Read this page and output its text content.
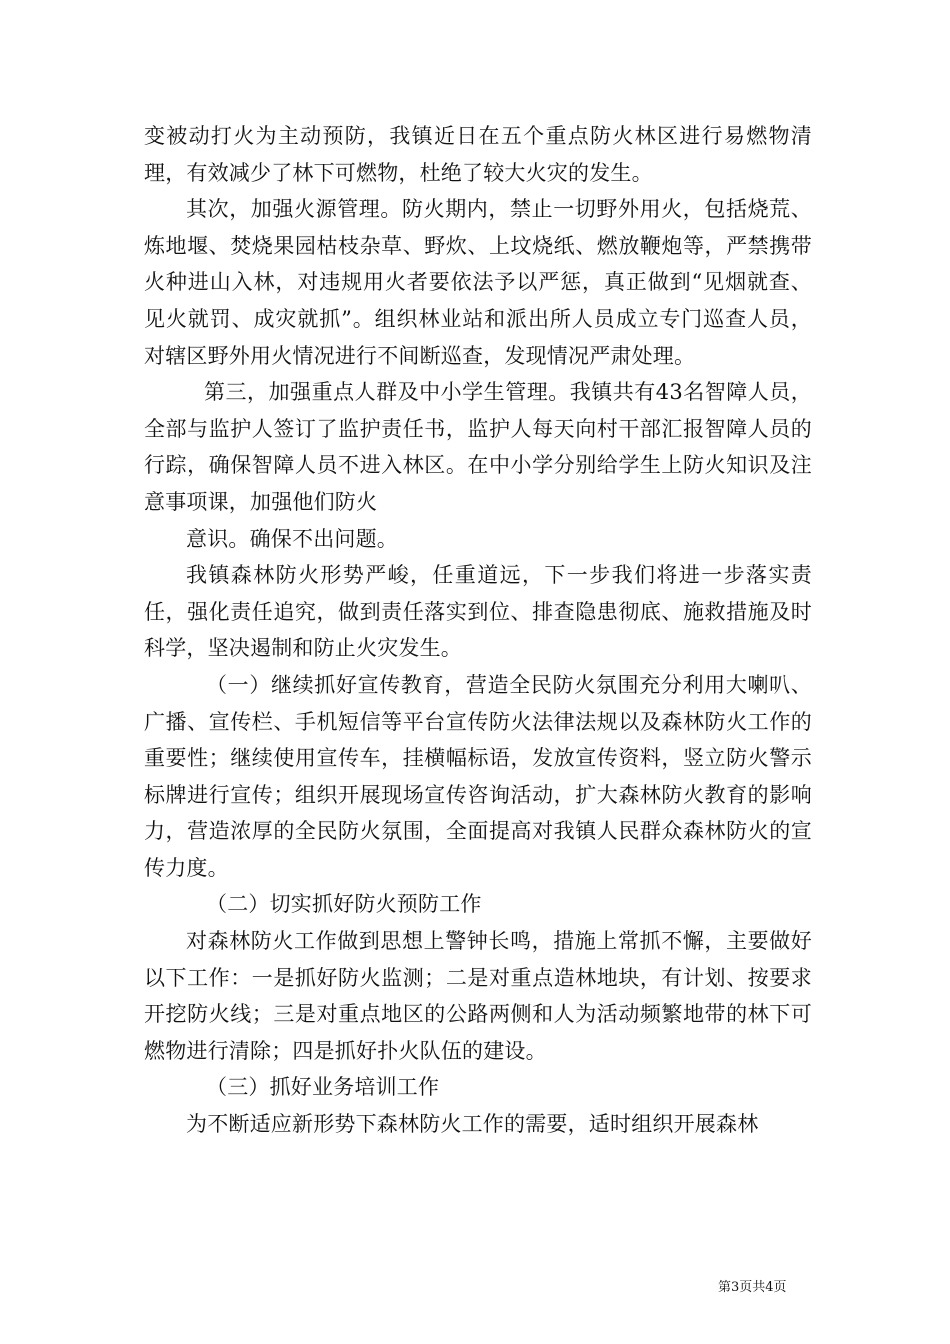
变被动打火为主动预防，我镇近日在五个重点防火林区进行易燃物清理，有效减少了林下可燃物，杜绝了较大火灾的发生。

其次，加强火源管理。防火期内，禁止一切野外用火，包括烧荒、炼地堰、焚烧果园枯枝杂草、野炊、上坟烧纸、燃放鞭炮等，严禁携带火种进山入林，对违规用火者要依法予以严惩，真正做到“见烟就查、见火就罚、成灾就抓”。组织林业站和派出所人员成立专门巡查人员，对辖区野外用火情况进行不间断巡查，发现情况严肃处理。

第三，加强重点人群及中小学生管理。我镇共有43名智障人员，全部与监护人签订了监护责任书，监护人每天向村干部汇报智障人员的行踪，确保智障人员不进入林区。在中小学分别给学生上防火知识及注意事项课，加强他们防火

意识。确保不出问题。

我镇森林防火形势严峻，任重道远，下一步我们将进一步落实责任，强化责任追究，做到责任落实到位、排查隐患彻底、施救措施及时科学，坚决遏制和防止火灾发生。

（一）继续抓好宣传教育，营造全民防火氛围充分利用大喇叭、广播、宣传栏、手机短信等平台宣传防火法律法规以及森林防火工作的重要性；继续使用宣传车，挂横幅标语，发放宣传资料，竖立防火警示标牌进行宣传；组织开展现场宣传咨询活动，扩大森林防火教育的影响力，营造浓厚的全民防火氛围，全面提高对我镇人民群众森林防火的宣传力度。

（二）切实抓好防火预防工作

对森林防火工作做到思想上警钟长鸣，措施上常抓不懈，主要做好以下工作：一是抓好防火监测；二是对重点造林地块，有计划、按要求开挖防火线；三是对重点地区的公路两侧和人为活动频繁地带的林下可燃物进行清除；四是抓好扑火队伍的建设。

（三）抓好业务培训工作

为不断适应新形势下森林防火工作的需要，适时组织开展森林

第3页共4页
